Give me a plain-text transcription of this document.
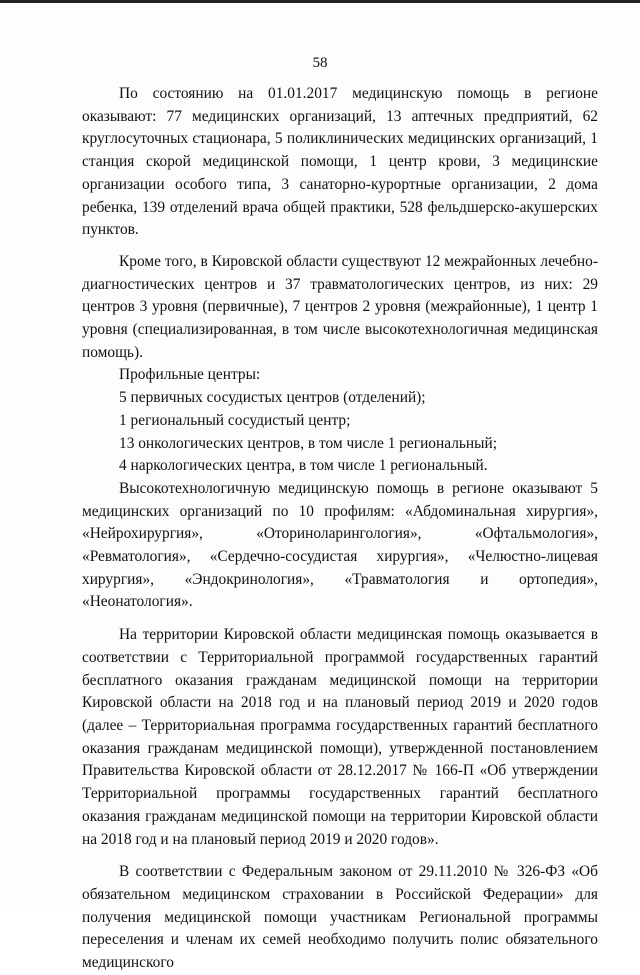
58

По состоянию на 01.01.2017 медицинскую помощь в регионе оказывают: 77 медицинских организаций, 13 аптечных предприятий, 62 круглосуточных стационара, 5 поликлинических медицинских организаций, 1 станция скорой медицинской помощи, 1 центр крови, 3 медицинские организации особого типа, 3 санаторно-курортные организации, 2 дома ребенка, 139 отделений врача общей практики, 528 фельдшерско-акушерских пунктов.

Кроме того, в Кировской области существуют 12 межрайонных лечебно-диагностических центров и 37 травматологических центров, из них: 29 центров 3 уровня (первичные), 7 центров 2 уровня (межрайонные), 1 центр 1 уровня (специализированная, в том числе высокотехнологичная медицинская помощь).

Профильные центры:

5 первичных сосудистых центров (отделений);

1 региональный сосудистый центр;

13 онкологических центров, в том числе 1 региональный;

4 наркологических центра, в том числе 1 региональный.

Высокотехнологичную медицинскую помощь в регионе оказывают 5 медицинских организаций по 10 профилям: «Абдоминальная хирургия», «Нейрохирургия», «Оториноларингология», «Офтальмология», «Ревматология», «Сердечно-сосудистая хирургия», «Челюстно-лицевая хирургия», «Эндокринология», «Травматология и ортопедия», «Неонатология».

На территории Кировской области медицинская помощь оказывается в соответствии с Территориальной программой государственных гарантий бесплатного оказания гражданам медицинской помощи на территории Кировской области на 2018 год и на плановый период 2019 и 2020 годов (далее – Территориальная программа государственных гарантий бесплатного оказания гражданам медицинской помощи), утвержденной постановлением Правительства Кировской области от 28.12.2017 № 166-П «Об утверждении Территориальной программы государственных гарантий бесплатного оказания гражданам медицинской помощи на территории Кировской области на 2018 год и на плановый период 2019 и 2020 годов».

В соответствии с Федеральным законом от 29.11.2010 № 326-ФЗ «Об обязательном медицинском страховании в Российской Федерации» для получения медицинской помощи участникам Региональной программы переселения и членам их семей необходимо получить полис обязательного медицинского
